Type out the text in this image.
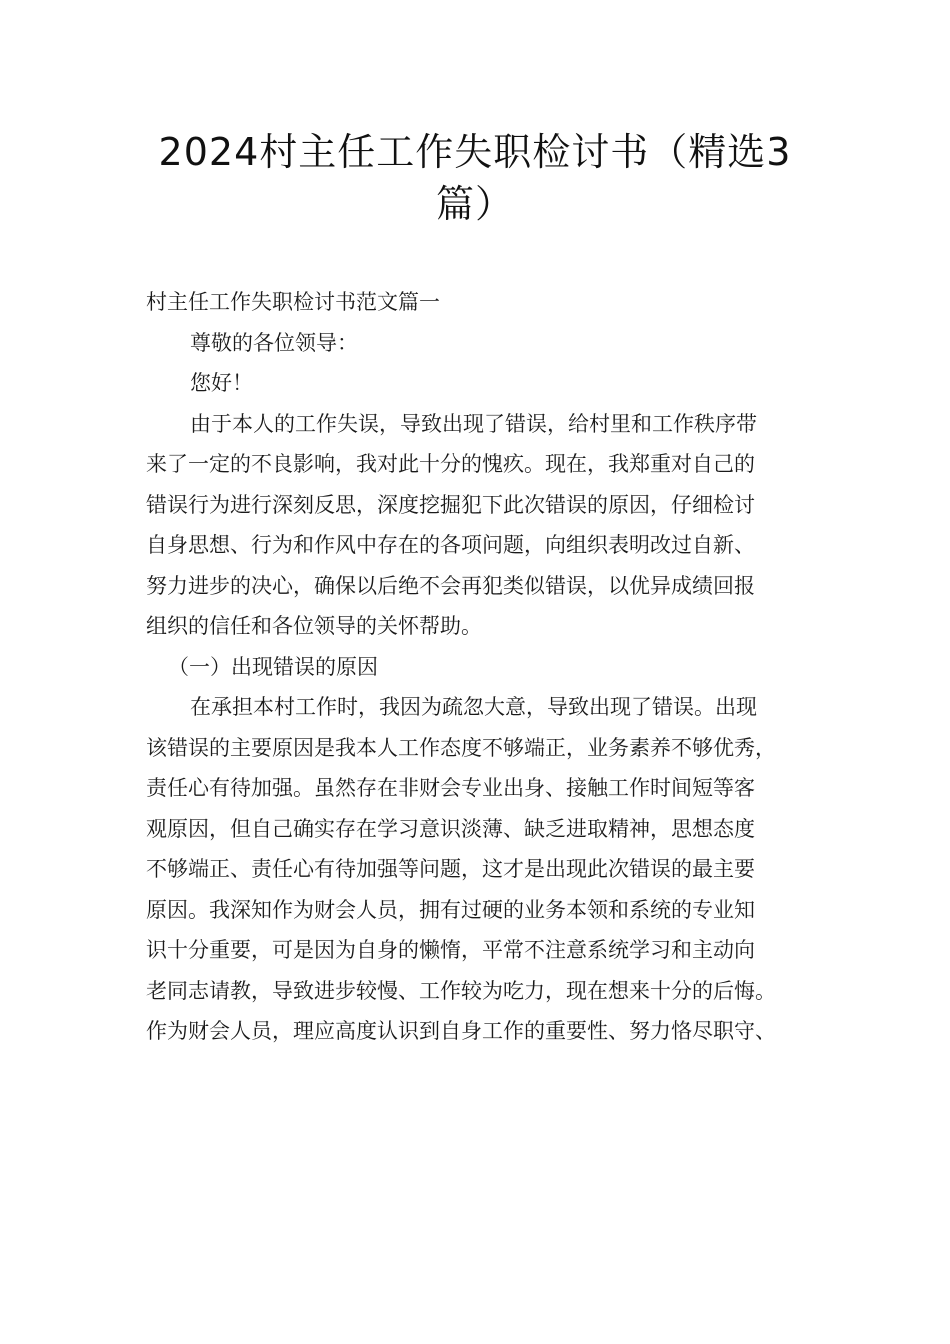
2024村主任工作失职检讨书（精选3
篇）

村主任工作失职检讨书范文篇一

尊敬的各位领导：

您好！

由于本人的工作失误，导致出现了错误，给村里和工作秩序带
来了一定的不良影响，我对此十分的愧疚。现在，我郑重对自己的
错误行为进行深刻反思，深度挖掘犯下此次错误的原因，仔细检讨
自身思想、行为和作风中存在的各项问题，向组织表明改过自新、
努力进步的决心，确保以后绝不会再犯类似错误，以优异成绩回报
组织的信任和各位领导的关怀帮助。

（一）出现错误的原因

在承担本村工作时，我因为疏忽大意，导致出现了错误。出现
该错误的主要原因是我本人工作态度不够端正，业务素养不够优秀，
责任心有待加强。虽然存在非财会专业出身、接触工作时间短等客
观原因，但自己确实存在学习意识淡薄、缺乏进取精神，思想态度
不够端正、责任心有待加强等问题，这才是出现此次错误的最主要
原因。我深知作为财会人员，拥有过硬的业务本领和系统的专业知
识十分重要，可是因为自身的懒惰，平常不注意系统学习和主动向
老同志请教，导致进步较慢、工作较为吃力，现在想来十分的后悔。
作为财会人员，理应高度认识到自身工作的重要性、努力恪尽职守、
